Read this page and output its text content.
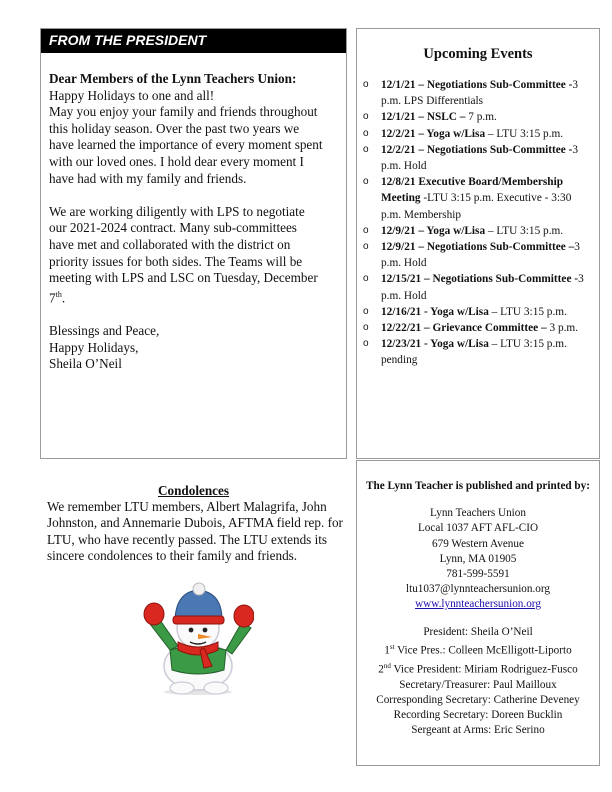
FROM THE PRESIDENT

Dear Members of the Lynn Teachers Union:

Happy Holidays to one and all!

May you enjoy your family and friends throughout

this holiday season. Over the past two years we

have learned the importance of every moment spent

with our loved ones. I hold dear every moment I

have had with my family and friends.

We are working diligently with LPS to negotiate

our 2021-2024 contract. Many sub-committees

have met and collaborated with the district on

priority issues for both sides. The Teams will be

meeting with LPS and LSC on Tuesday, December

7th.

Blessings and Peace,

Happy Holidays,

Sheila O’Neil

Upcoming Events
o	12/1/21 – Negotiations Sub-Committee -3 p.m. LPS Differentials
o	12/1/21 – NSLC – 7 p.m.
o	12/2/21 – Yoga w/Lisa – LTU 3:15 p.m.
o	12/2/21 – Negotiations Sub-Committee -3 p.m. Hold
o	12/8/21 Executive Board/Membership Meeting -LTU 3:15 p.m. Executive - 3:30 p.m. Membership
o	12/9/21 – Yoga w/Lisa – LTU 3:15 p.m.
o	12/9/21 – Negotiations Sub-Committee –3 p.m. Hold
o	12/15/21 – Negotiations Sub-Committee -3 p.m. Hold
o	12/16/21 - Yoga w/Lisa – LTU 3:15 p.m.
o	12/22/21 – Grievance Committee – 3 p.m.
o	12/23/21 - Yoga w/Lisa – LTU 3:15 p.m. pending
Condolences
We remember LTU members, Albert Malagrifa, John Johnston, and Annemarie Dubois, AFTMA field rep. for LTU, who have recently passed. The LTU extends its sincere condolences to their family and friends.
The Lynn Teacher is published and printed by:
Lynn Teachers Union
Local 1037 AFT AFL-CIO
679 Western Avenue
Lynn, MA 01905
781-599-5591
ltu1037@lynnteachersunion.org
www.lynnteachersunion.org
President: Sheila O’Neil
1st Vice Pres.: Colleen McElligott-Liporto
2nd Vice President: Miriam Rodriguez-Fusco
Secretary/Treasurer: Paul Mailloux
Corresponding Secretary: Catherine Deveney
Recording Secretary: Doreen Bucklin
Sergeant at Arms: Eric Serino
